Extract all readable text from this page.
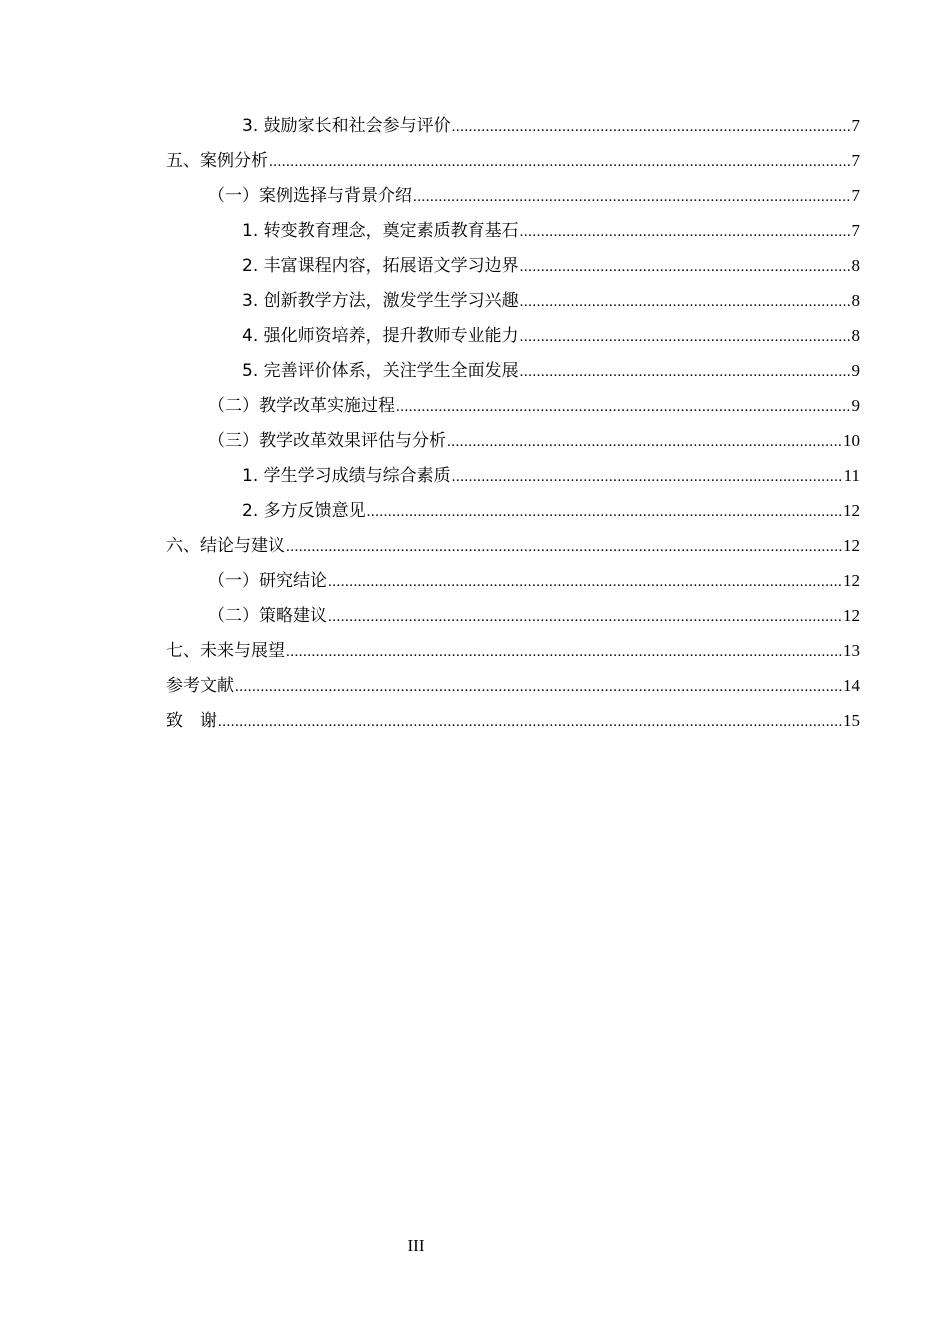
3. 鼓励家长和社会参与评价 .....	7
五、案例分析 .....	7
（一）案例选择与背景介绍 .....	7
1. 转变教育理念，奠定素质教育基石 .....	7
2. 丰富课程内容，拓展语文学习边界 .....	8
3. 创新教学方法，激发学生学习兴趣 .....	8
4. 强化师资培养，提升教师专业能力 .....	8
5. 完善评价体系，关注学生全面发展 .....	9
（二）教学改革实施过程 .....	9
（三）教学改革效果评估与分析 .....	10
1. 学生学习成绩与综合素质 .....	11
2. 多方反馈意见 .....	12
六、结论与建议 .....	12
（一）研究结论 .....	12
（二）策略建议 .....	12
七、未来与展望 .....	13
参考文献 .....	14
致　谢 .....	15
III
